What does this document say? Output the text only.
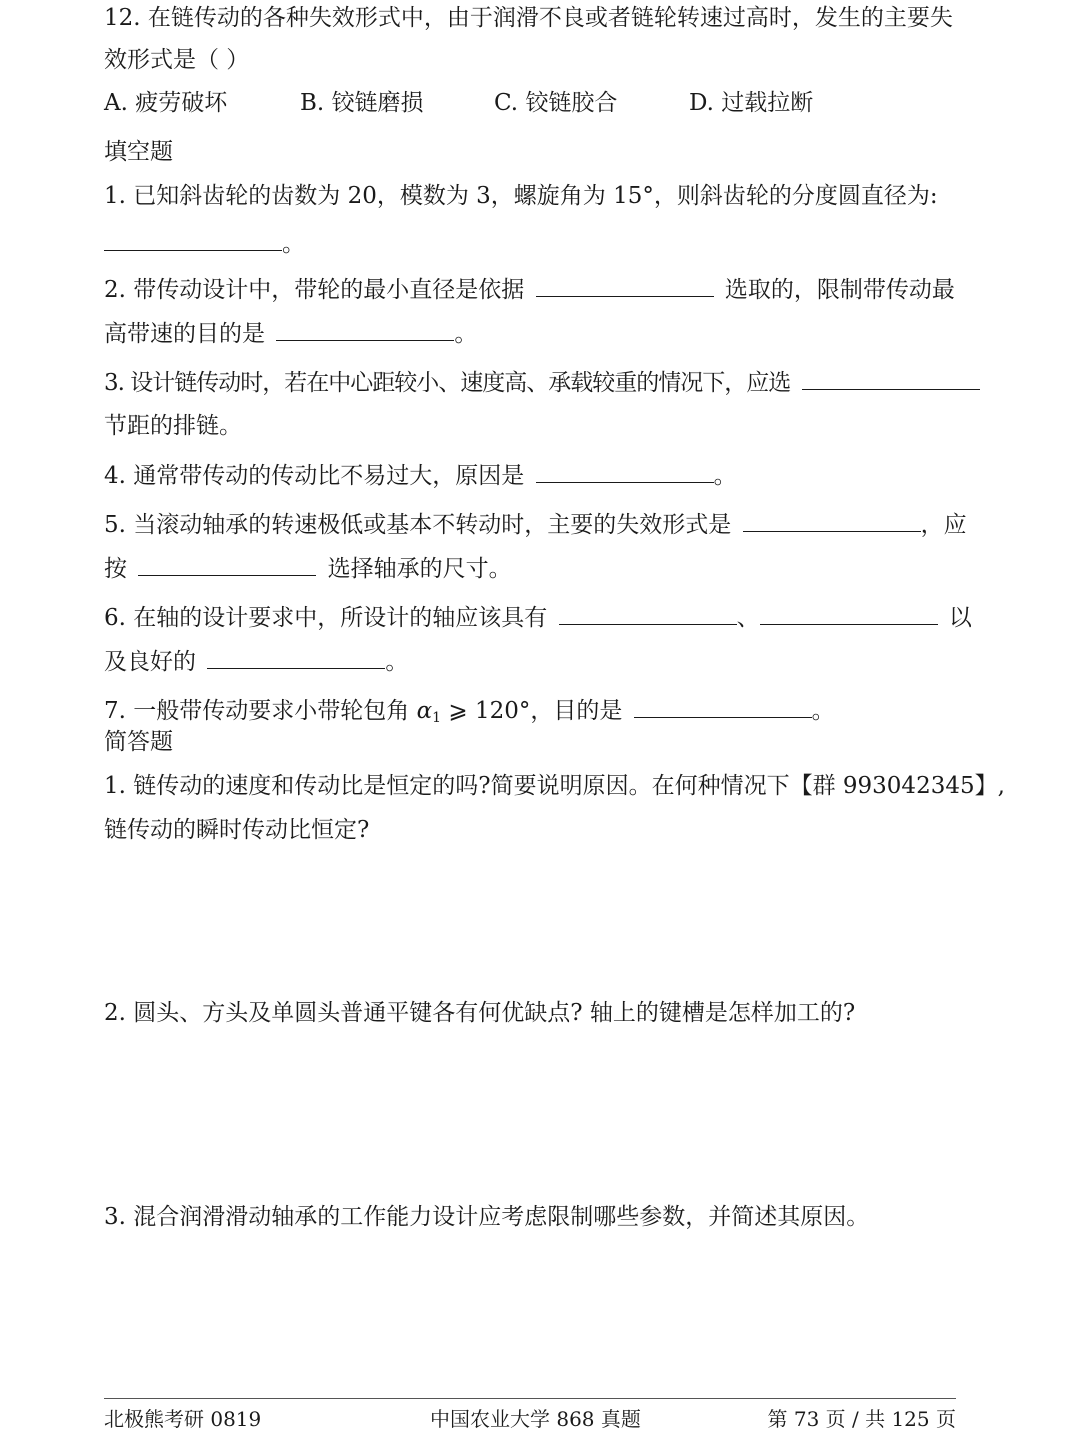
12. 在链传动的各种失效形式中，由于润滑不良或者链轮转速过高时，发生的主要失
效形式是（ ）
A. 疲劳破坏	B. 铰链磨损	C. 铰链胶合	D. 过载拉断
填空题
1. 已知斜齿轮的齿数为 20，模数为 3，螺旋角为 15°，则斜齿轮的分度圆直径为:
。
2. 带传动设计中，带轮的最小直径是依据	选取的，限制带传动最
高带速的目的是	。
3. 设计链传动时，若在中心距较小、速度高、承载较重的情况下，应选
节距的排链。
4. 通常带传动的传动比不易过大，原因是	。
5. 当滚动轴承的转速极低或基本不转动时，主要的失效形式是	，应
按	选择轴承的尺寸。
6. 在轴的设计要求中，所设计的轴应该具有	、	以
及良好的	。
7. 一般带传动要求小带轮包角 $\alpha_1$ ⩾ 120°，目的是	。
简答题
1. 链传动的速度和传动比是恒定的吗?简要说明原因。在何种情况下【群 993042345】,
链传动的瞬时传动比恒定?
2. 圆头、方头及单圆头普通平键各有何优缺点? 轴上的键槽是怎样加工的?
3. 混合润滑滑动轴承的工作能力设计应考虑限制哪些参数，并简述其原因。
北极熊考研 0819	中国农业大学 868 真题	第 73 页 / 共 125 页
